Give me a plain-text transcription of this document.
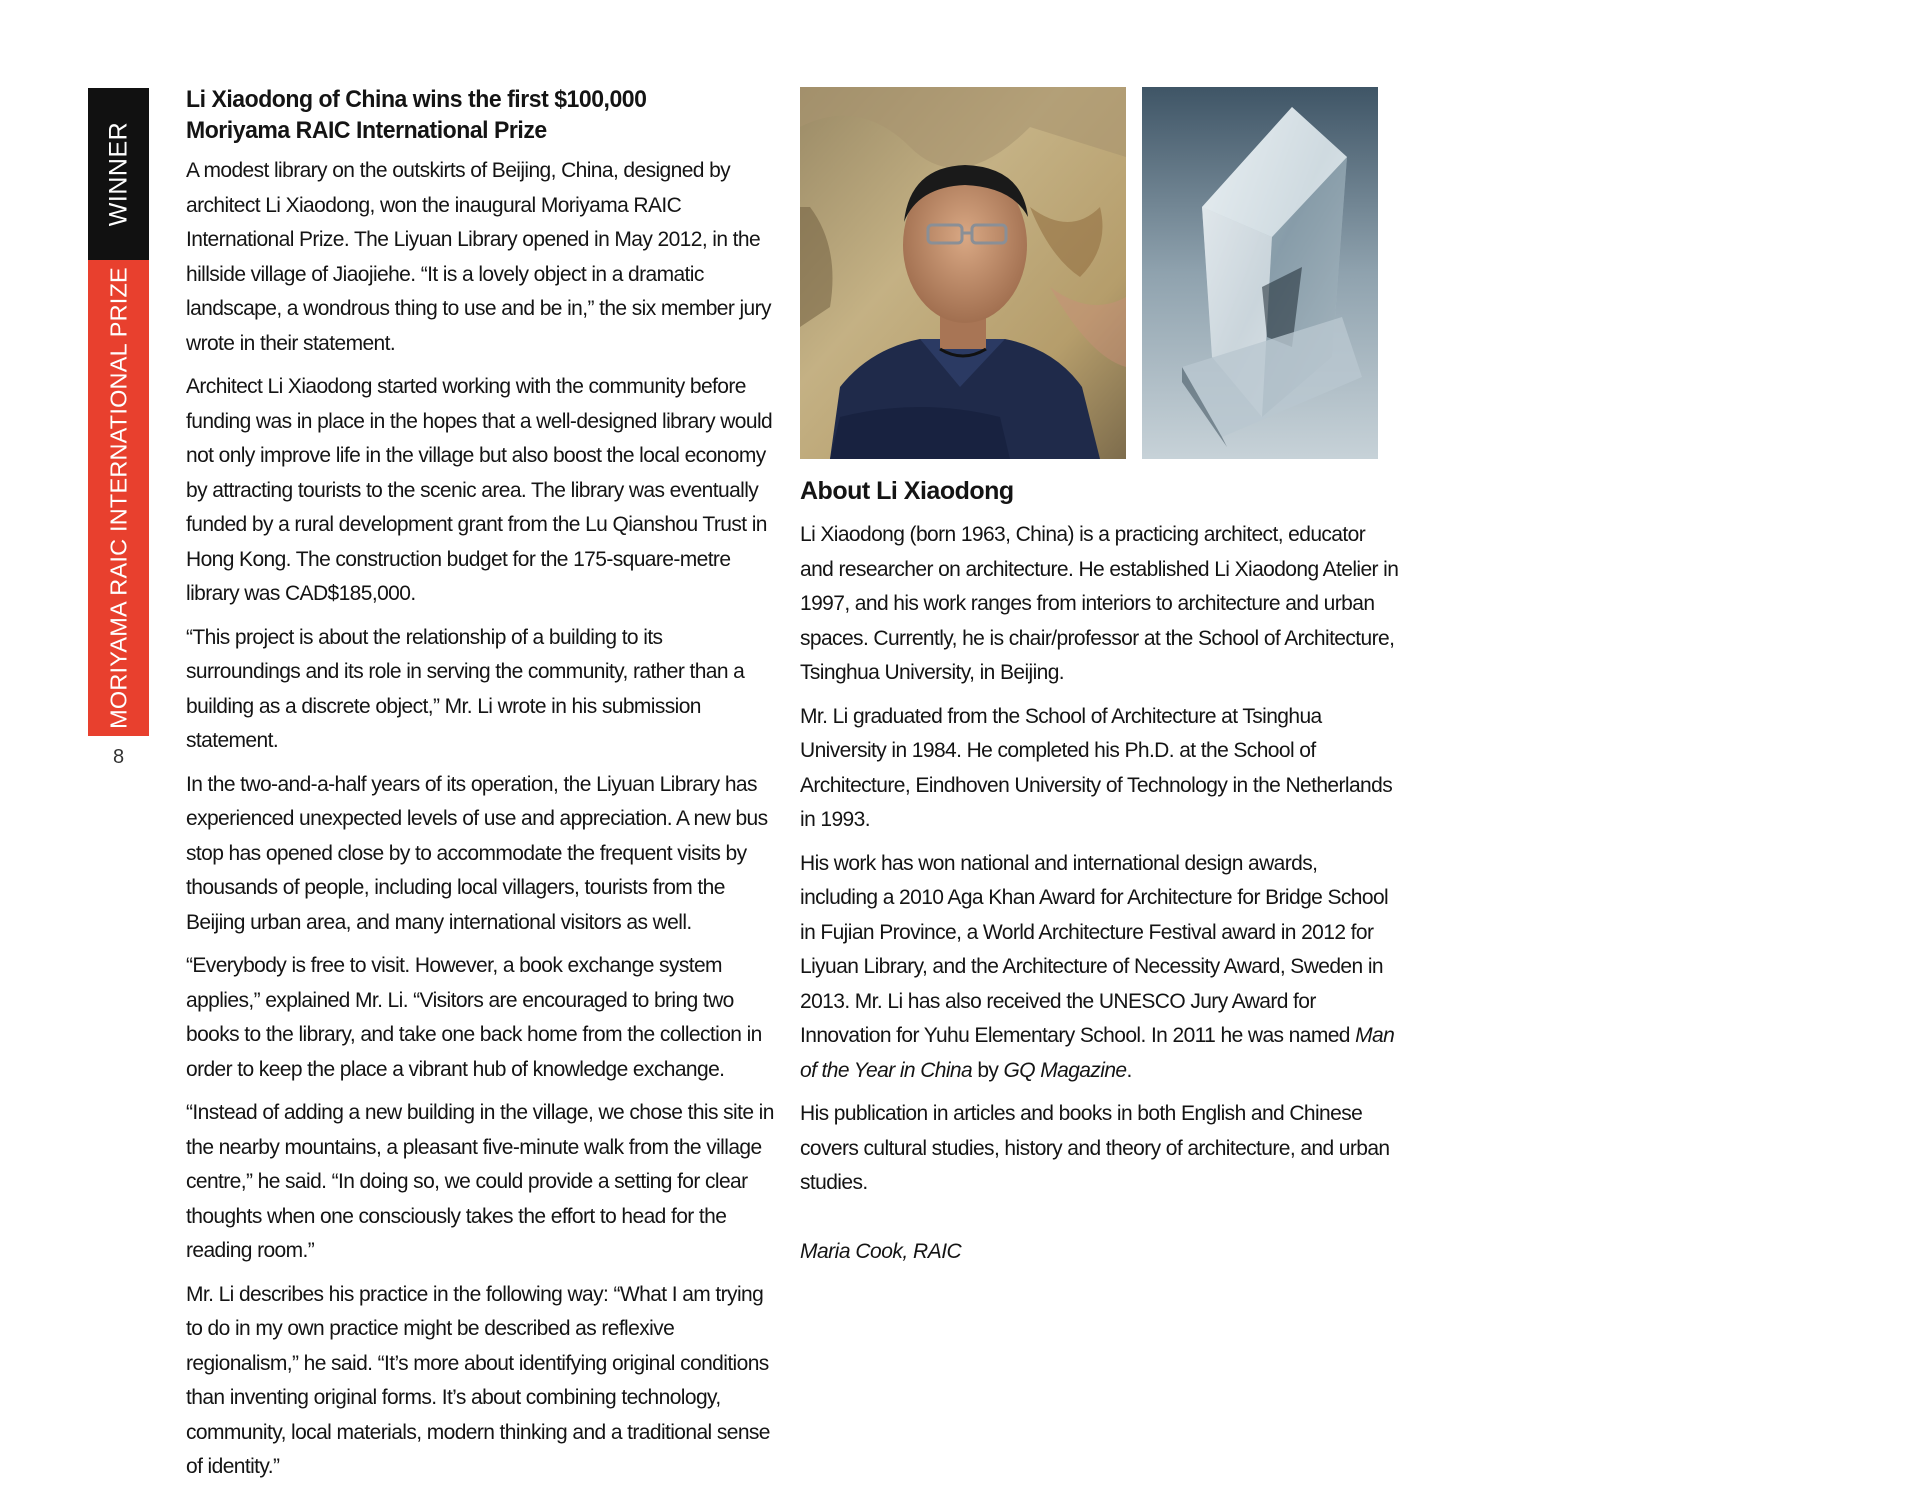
WINNER
MORIYAMA RAIC INTERNATIONAL PRIZE
8
Li Xiaodong of China wins the first $100,000
Moriyama RAIC International Prize

A modest library on the outskirts of Beijing, China, designed by architect Li Xiaodong, won the inaugural Moriyama RAIC International Prize. The Liyuan Library opened in May 2012, in the hillside village of Jiaojiehe. “It is a lovely object in a dramatic landscape, a wondrous thing to use and be in,” the six member jury wrote in their statement.

Architect Li Xiaodong started working with the community before funding was in place in the hopes that a well-designed library would not only improve life in the village but also boost the local economy by attracting tourists to the scenic area. The library was eventually funded by a rural development grant from the Lu Qianshou Trust in Hong Kong. The construction budget for the 175-square-metre library was CAD$185,000.

“This project is about the relationship of a building to its surroundings and its role in serving the community, rather than a building as a discrete object,” Mr. Li wrote in his submission statement.

In the two-and-a-half years of its operation, the Liyuan Library has experienced unexpected levels of use and appreciation. A new bus stop has opened close by to accommodate the frequent visits by thousands of people, including local villagers, tourists from the Beijing urban area, and many international visitors as well.

“Everybody is free to visit. However, a book exchange system applies,” explained Mr. Li. “Visitors are encouraged to bring two books to the library, and take one back home from the collection in order to keep the place a vibrant hub of knowledge exchange.

“Instead of adding a new building in the village, we chose this site in the nearby mountains, a pleasant five-minute walk from the village centre,” he said. “In doing so, we could provide a setting for clear thoughts when one consciously takes the effort to head for the reading room.”

Mr. Li describes his practice in the following way: “What I am trying to do in my own practice might be described as reflexive regionalism,” he said. “It’s more about identifying original conditions than inventing original forms. It’s about combining technology, community, local materials, modern thinking and a traditional sense of identity.”

About Li Xiaodong

Li Xiaodong (born 1963, China) is a practicing architect, educator and researcher on architecture. He established Li Xiaodong Atelier in 1997, and his work ranges from interiors to architecture and urban spaces. Currently, he is chair/professor at the School of Architecture, Tsinghua University, in Beijing.

Mr. Li graduated from the School of Architecture at Tsinghua University in 1984. He completed his Ph.D. at the School of Architecture, Eindhoven University of Technology in the Netherlands in 1993.

His work has won national and international design awards, including a 2010 Aga Khan Award for Architecture for Bridge School in Fujian Province, a World Architecture Festival award in 2012 for Liyuan Library, and the Architecture of Necessity Award, Sweden in 2013. Mr. Li has also received the UNESCO Jury Award for Innovation for Yuhu Elementary School. In 2011 he was named Man of the Year in China by GQ Magazine.

His publication in articles and books in both English and Chinese covers cultural studies, history and theory of architecture, and urban studies.

Maria Cook, RAIC
